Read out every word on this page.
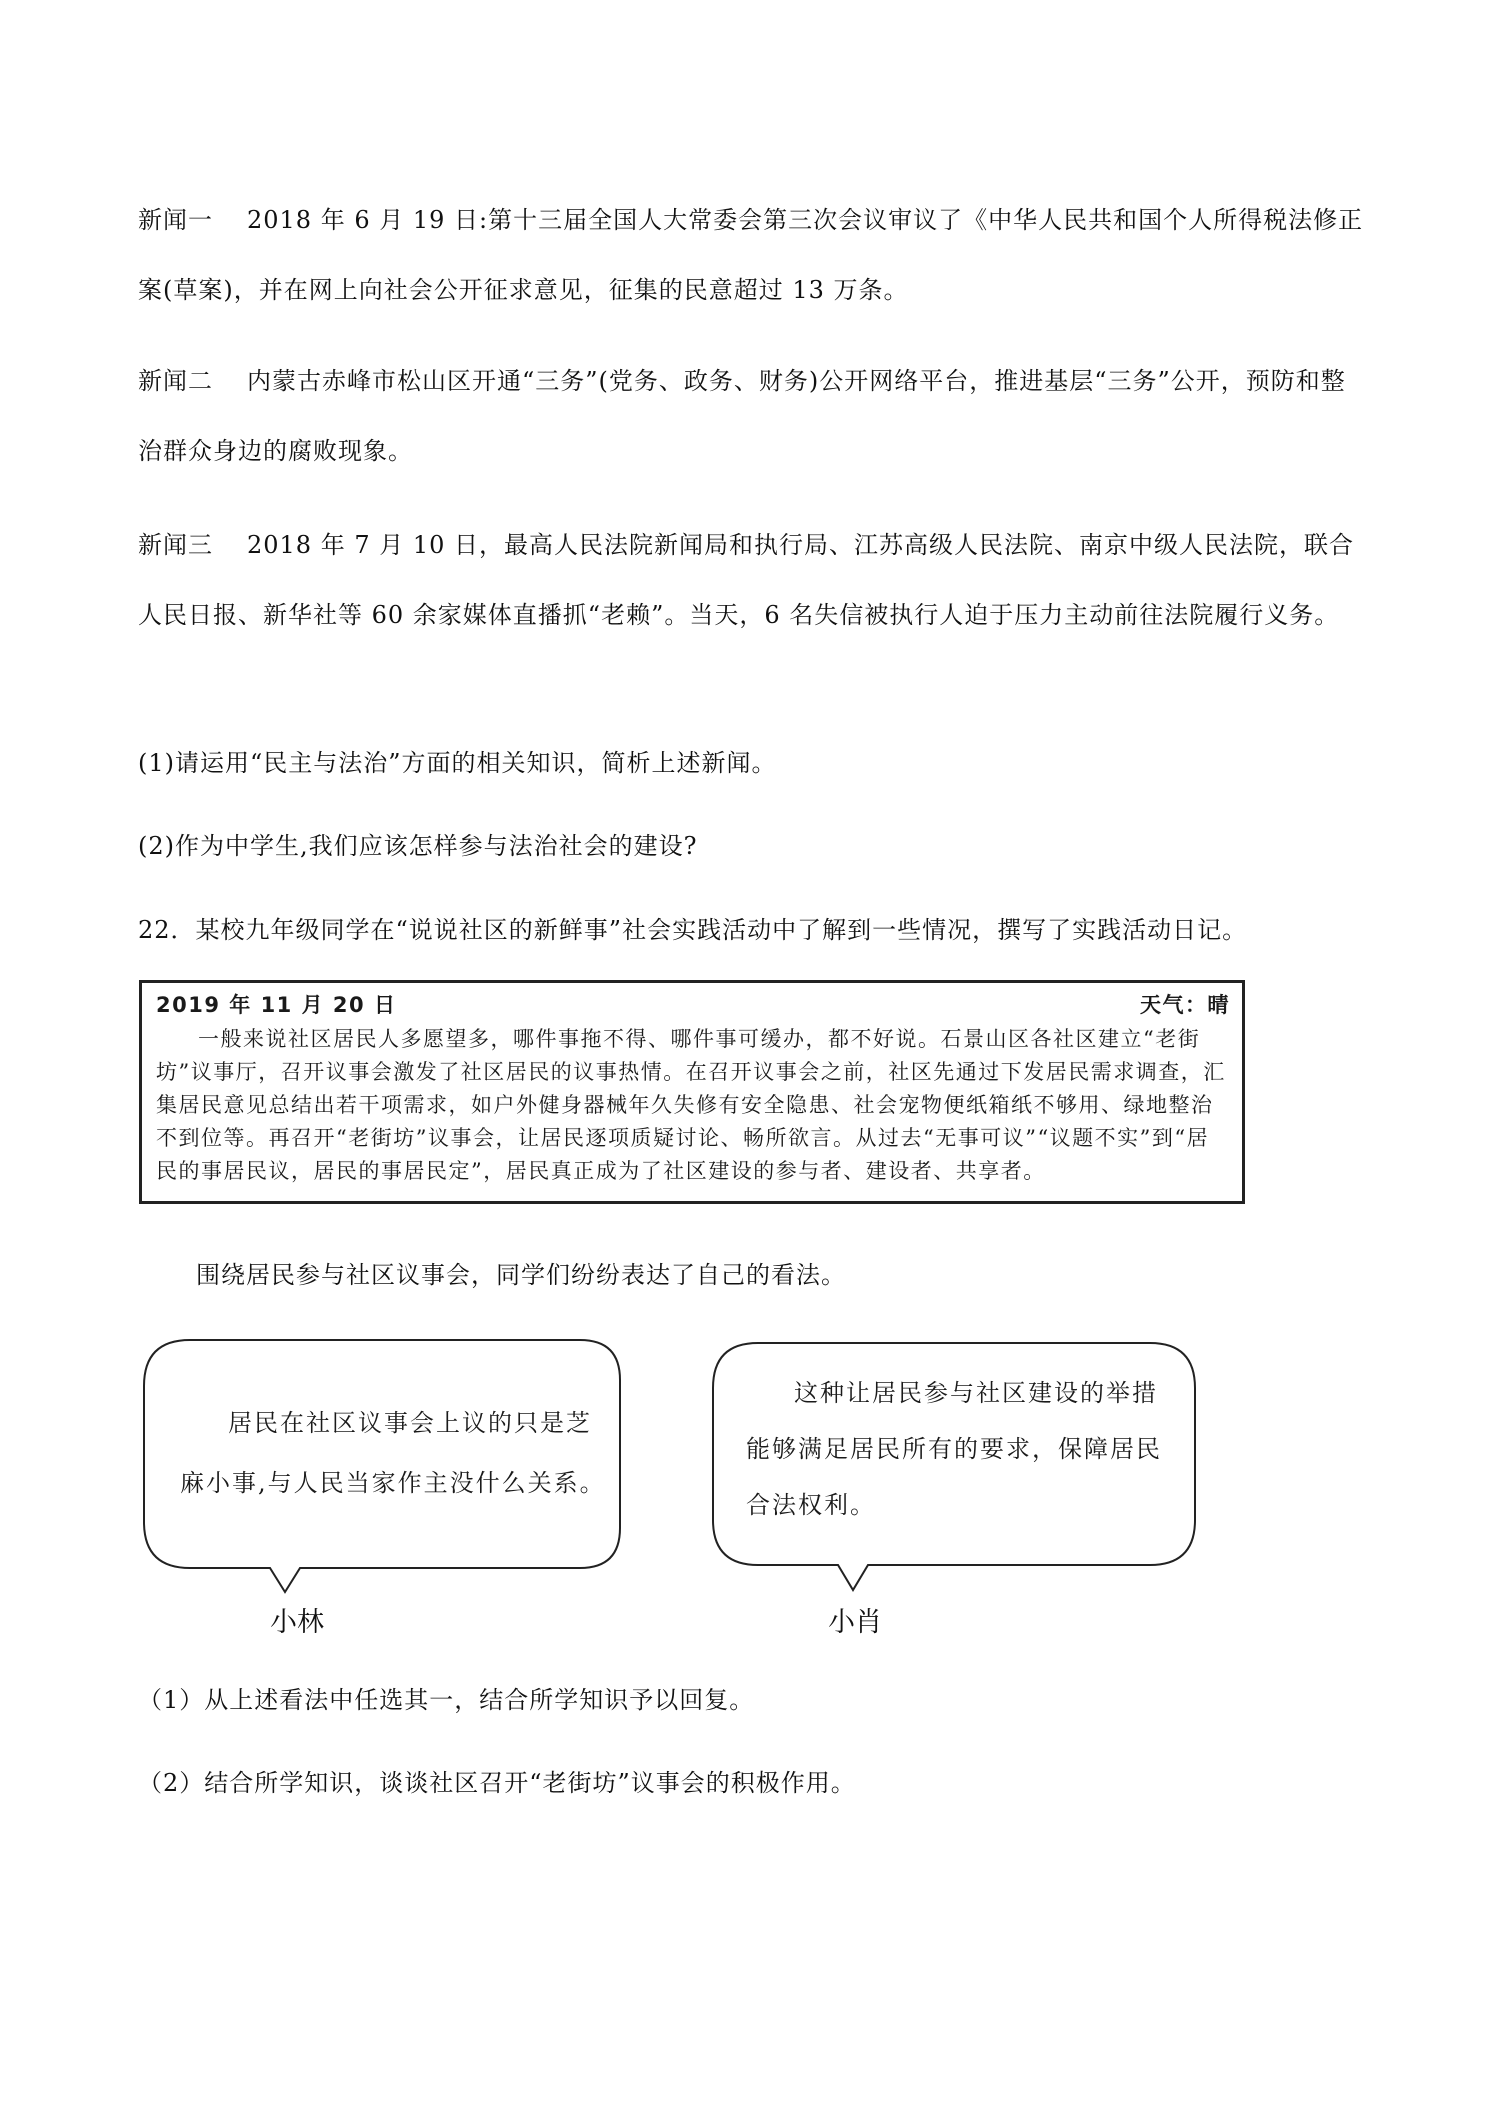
新闻一 2018 年 6 月 19 日:第十三届全国人大常委会第三次会议审议了《中华人民共和国个人所得税法修正案(草案)，并在网上向社会公开征求意见，征集的民意超过 13 万条。
新闻二 内蒙古赤峰市松山区开通“三务”(党务、政务、财务)公开网络平台，推进基层“三务”公开，预防和整治群众身边的腐败现象。
新闻三 2018 年 7 月 10 日，最高人民法院新闻局和执行局、江苏高级人民法院、南京中级人民法院，联合人民日报、新华社等 60 余家媒体直播抓“老赖”。当天，6 名失信被执行人迫于压力主动前往法院履行义务。
(1)请运用“民主与法治”方面的相关知识，简析上述新闻。
(2)作为中学生,我们应该怎样参与法治社会的建设?
22．某校九年级同学在“说说社区的新鲜事”社会实践活动中了解到一些情况，撰写了实践活动日记。
2019 年 11 月 20 日	天气：晴
一般来说社区居民人多愿望多，哪件事拖不得、哪件事可缓办，都不好说。石景山区各社区建立“老街坊”议事厅，召开议事会激发了社区居民的议事热情。在召开议事会之前，社区先通过下发居民需求调查，汇集居民意见总结出若干项需求，如户外健身器械年久失修有安全隐患、社会宠物便纸箱纸不够用、绿地整治不到位等。再召开“老街坊”议事会，让居民逐项质疑讨论、畅所欲言。从过去“无事可议”“议题不实”到“居民的事居民议，居民的事居民定”，居民真正成为了社区建设的参与者、建设者、共享者。
围绕居民参与社区议事会，同学们纷纷表达了自己的看法。
居民在社区议事会上议的只是芝
麻小事,与人民当家作主没什么关系。
这种让居民参与社区建设的举措
能够满足居民所有的要求，保障居民
合法权利。
小林	小肖
（1）从上述看法中任选其一，结合所学知识予以回复。
（2）结合所学知识，谈谈社区召开“老街坊”议事会的积极作用。
